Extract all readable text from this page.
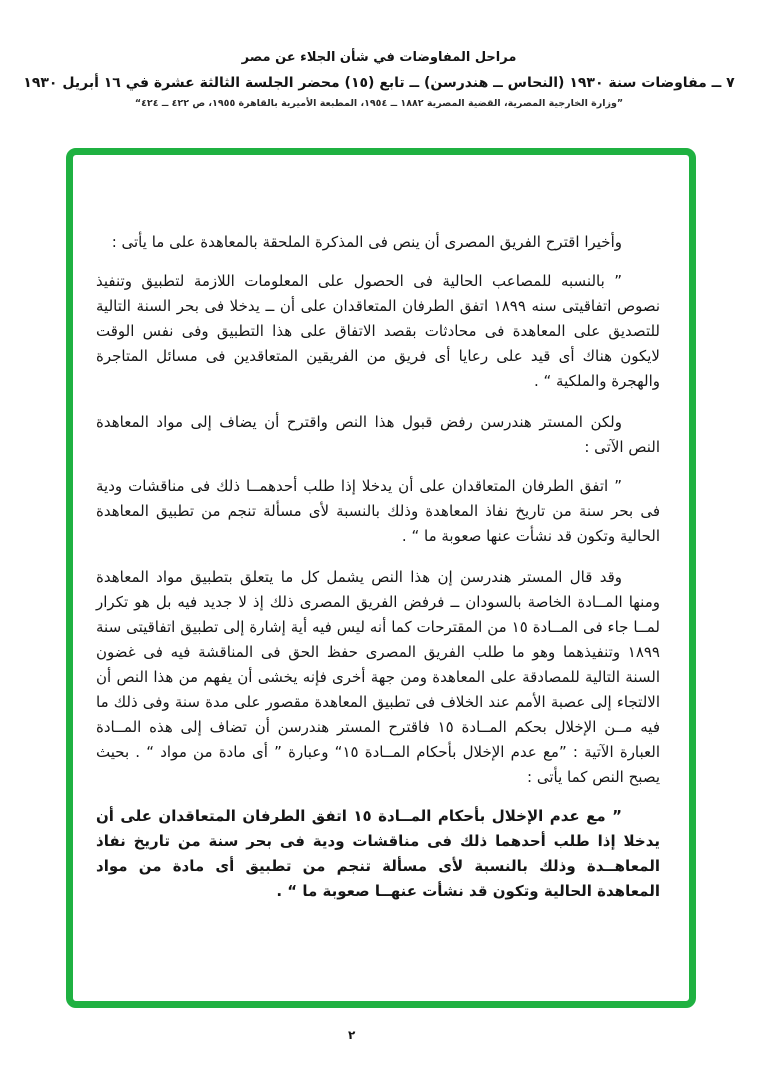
مراحل المفاوضات في شأن الجلاء عن مصر

٧ ــ مفاوضات سنة ١٩٣٠ (النحاس ــ هندرسن) ــ تابع (١٥) محضر الجلسة الثالثة عشرة في ١٦ أبريل ١٩٣٠

”وزارة الخارجية المصرية، القضية المصرية ١٨٨٢ ــ ١٩٥٤، المطبعة الأميرية بالقاهرة ١٩٥٥، ص ٤٢٢ ــ ٤٢٤“

وأخيرا اقترح الفريق المصرى أن ينص فى المذكرة الملحقة بالمعاهدة على ما يأتى :

” بالنسبه للمصاعب الحالية فى الحصول على المعلومات اللازمة لتطبيق وتنفيذ نصوص اتفاقيتى سنه ١٨٩٩ اتفق الطرفان المتعاقدان على أن ــ يدخلا فى بحر السنة التالية للتصديق على المعاهدة فى محادثات بقصد الاتفاق على هذا التطبيق وفى نفس الوقت لايكون هناك أى قيد على رعايا أى فريق من الفريقين المتعاقدين فى مسائل المتاجرة والهجرة والملكية “ .

ولكن المستر هندرسن رفض قبول هذا النص واقترح أن يضاف إلى مواد المعاهدة النص الآتى :

” اتفق الطرفان المتعاقدان على أن يدخلا إذا طلب أحدهمــا ذلك فى مناقشات ودية فى بحر سنة من تاريخ نفاذ المعاهدة وذلك بالنسبة لأى مسألة تنجم من تطبيق المعاهدة الحالية وتكون قد نشأت عنها صعوبة ما “ .

وقد قال المستر هندرسن إن هذا النص يشمل كل ما يتعلق بتطبيق مواد المعاهدة ومنها المــادة الخاصة بالسودان ــ فرفض الفريق المصرى ذلك إذ لا جديد فيه بل هو تكرار لمــا جاء فى المــادة ١٥ من المقترحات كما أنه ليس فيه أية إشارة إلى تطبيق اتفاقيتى سنة ١٨٩٩ وتنفيذهما وهو ما طلب الفريق المصرى حفظ الحق فى المناقشة فيه فى غضون السنة التالية للمصادقة على المعاهدة ومن جهة أخرى فإنه يخشى أن يفهم من هذا النص أن الالتجاء إلى عصبة الأمم عند الخلاف فى تطبيق المعاهدة مقصور على مدة سنة وفى ذلك ما فيه مــن الإخلال بحكم المــادة ١٥ فاقترح المستر هندرسن أن تضاف إلى هذه المــادة العبارة الآتية : ”مع عدم الإخلال بأحكام المــادة ١٥“ وعبارة ” أى مادة من مواد “ . بحيث يصبح النص كما يأتى :

” مع عدم الإخلال بأحكام المــادة ١٥ اتفق الطرفان المتعاقدان على أن يدخلا إذا طلب أحدهما ذلك فى مناقشات ودية فى بحر سنة من تاريخ نفاذ المعاهــدة وذلك بالنسبة لأى مسألة تنجم من تطبيق أى مادة من مواد المعاهدة الحالية وتكون قد نشأت عنهــا صعوبة ما “ .

٢
